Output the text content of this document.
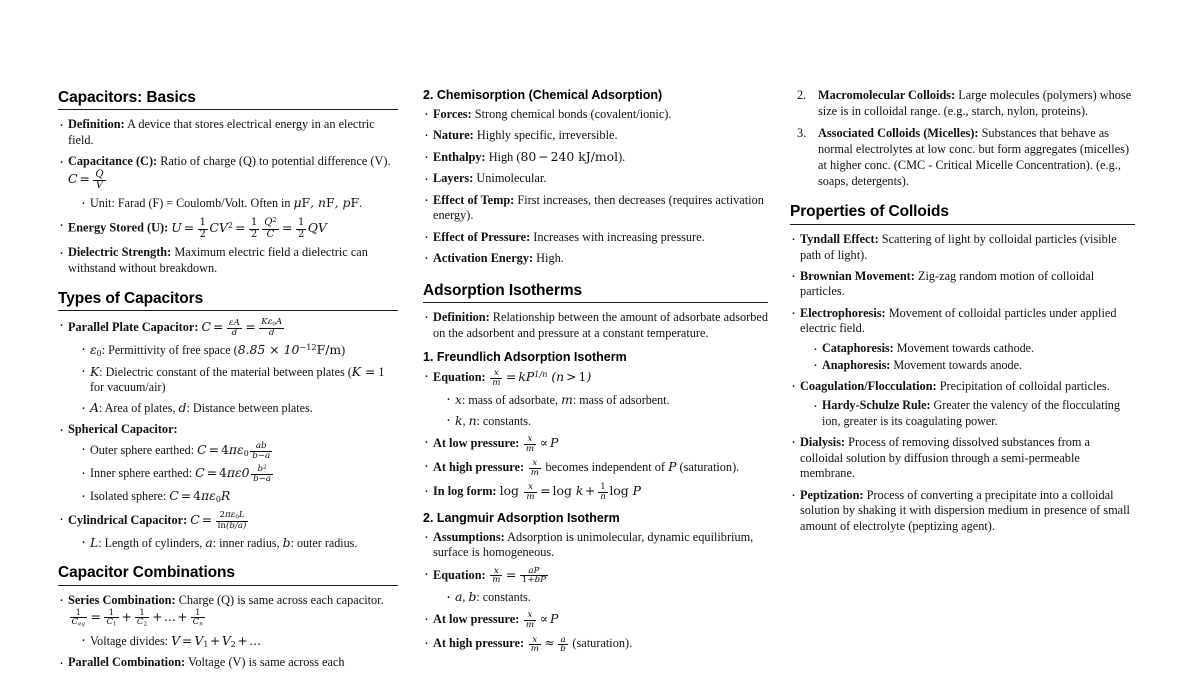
Capacitors: Basics
· Definition: A device that stores electrical energy in an electric field.
· Capacitance (C): Ratio of charge (Q) to potential difference (V). $C = \frac{Q}{V}$
· Unit: Farad (F) = Coulomb/Volt. Often in μF, nF, pF.
· Energy Stored (U): $U = \frac{1}{2} CV^2 = \frac{1}{2} \frac{Q^2}{C} = \frac{1}{2}$ QV
· Dielectric Strength: Maximum electric field a dielectric can withstand without breakdown.
Types of Capacitors
· Parallel Plate Capacitor: $C = \frac{\varepsilon A}{d} = \frac{K\varepsilon_0A}{d}$
· $\varepsilon_0$: Permittivity of free space $(8.85 \times 10^{-12}F/m)$
· K: Dielectric constant of the material between plates (K = 1 for vacuum/air)
· A: Area of plates, d: Distance between plates.
· Spherical Capacitor:
· Outer sphere earthed: $C = 4\pi\varepsilon_0 \frac{ab}{b-a}$
· Inner sphere earthed: $C = 4\pi\varepsilon 0 \frac{b^2}{b-a}$
· Isolated sphere: $C = 4\pi\varepsilon_0R$
· Cylindrical Capacitor: $C = \frac{2\pi\varepsilon_0L}{\ln(b/a)}$
· L: Length of cylinders, a: inner radius, b: outer radius.
Capacitor Combinations
· Series Combination: Charge (Q) is same across each capacitor.
$\frac{1}{C_{eq}} = \frac{1}{C_1} + \frac{1}{C_2}$ + ... + $\frac{1}{C_n}$
· Voltage divides: $V = V_1 + V_2$ + ...
· Parallel Combination: Voltage (V) is same across each
2. Chemisorption (Chemical Adsorption)
· Forces: Strong chemical bonds (covalent/ionic).
· Nature: Highly specific, irreversible.
· Enthalpy: High (80 − 240 kJ/mol).
· Layers: Unimolecular.
· Effect of Temp: First increases, then decreases (requires activation energy).
· Effect of Pressure: Increases with increasing pressure.
· Activation Energy: High.
Adsorption Isotherms
· Definition: Relationship between the amount of adsorbate adsorbed on the adsorbent and pressure at a constant temperature.
1. Freundlich Adsorption Isotherm
· Equation: $\frac{x}{m} = kP^{1/n}$ (n > 1)
· x: mass of adsorbate, m: mass of adsorbent.
· k, n: constants.
· At low pressure: $\frac{x}{m} \propto P$
· At high pressure: $\frac{x}{m}$ becomes independent of P (saturation).
· In log form: $\log \frac{x}{m} = \log k + \frac{1}{n}$ log P
2. Langmuir Adsorption Isotherm
· Assumptions: Adsorption is unimolecular, dynamic equilibrium, surface is homogeneous.
· Equation: $\frac{x}{m} = \frac{aP}{1+bP}$
· a, b: constants.
· At low pressure: $\frac{x}{m} \propto P$
· At high pressure: $\frac{x}{m} \approx \frac{a}{b}$ (saturation).
2. Macromolecular Colloids: Large molecules (polymers) whose size is in colloidal range. (e.g., starch, nylon, proteins).
3. Associated Colloids (Micelles): Substances that behave as normal electrolytes at low conc. but form aggregates (micelles) at higher conc. (CMC - Critical Micelle Concentration). (e.g., soaps, detergents).
Properties of Colloids
· Tyndall Effect: Scattering of light by colloidal particles (visible path of light).
· Brownian Movement: Zig-zag random motion of colloidal particles.
· Electrophoresis: Movement of colloidal particles under applied electric field.
· Cataphoresis: Movement towards cathode.
· Anaphoresis: Movement towards anode.
· Coagulation/Flocculation: Precipitation of colloidal particles.
· Hardy-Schulze Rule: Greater the valency of the flocculating ion, greater is its coagulating power.
· Dialysis: Process of removing dissolved substances from a colloidal solution by diffusion through a semi-permeable membrane.
· Peptization: Process of converting a precipitate into a colloidal solution by shaking it with dispersion medium in presence of small amount of electrolyte (peptizing agent).
